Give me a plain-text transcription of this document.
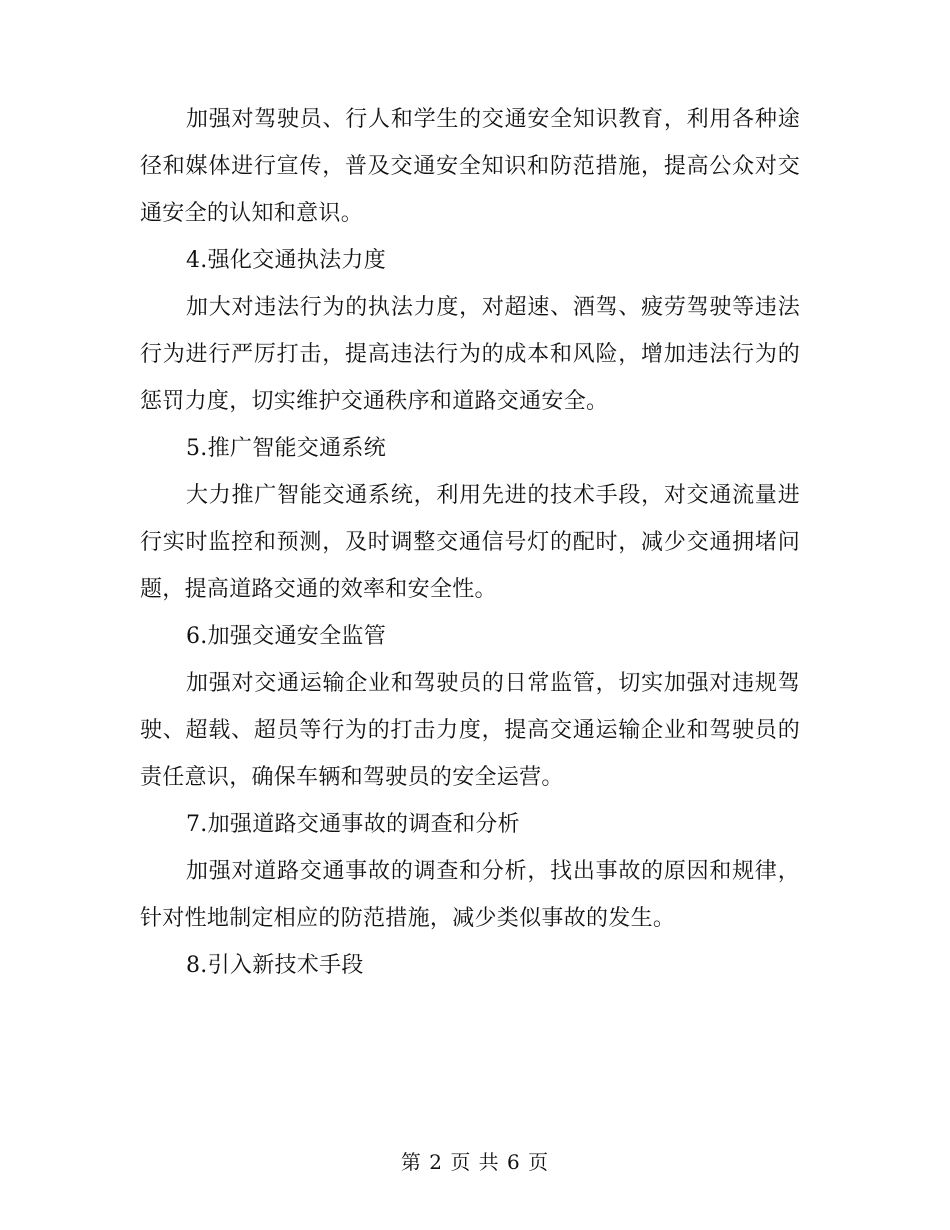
加强对驾驶员、行人和学生的交通安全知识教育，利用各种途径和媒体进行宣传，普及交通安全知识和防范措施，提高公众对交通安全的认知和意识。

4.强化交通执法力度

加大对违法行为的执法力度，对超速、酒驾、疲劳驾驶等违法行为进行严厉打击，提高违法行为的成本和风险，增加违法行为的惩罚力度，切实维护交通秩序和道路交通安全。

5.推广智能交通系统

大力推广智能交通系统，利用先进的技术手段，对交通流量进行实时监控和预测，及时调整交通信号灯的配时，减少交通拥堵问题，提高道路交通的效率和安全性。

6.加强交通安全监管

加强对交通运输企业和驾驶员的日常监管，切实加强对违规驾驶、超载、超员等行为的打击力度，提高交通运输企业和驾驶员的责任意识，确保车辆和驾驶员的安全运营。

7.加强道路交通事故的调查和分析

加强对道路交通事故的调查和分析，找出事故的原因和规律，针对性地制定相应的防范措施，减少类似事故的发生。

8.引入新技术手段

第 2 页 共 6 页
